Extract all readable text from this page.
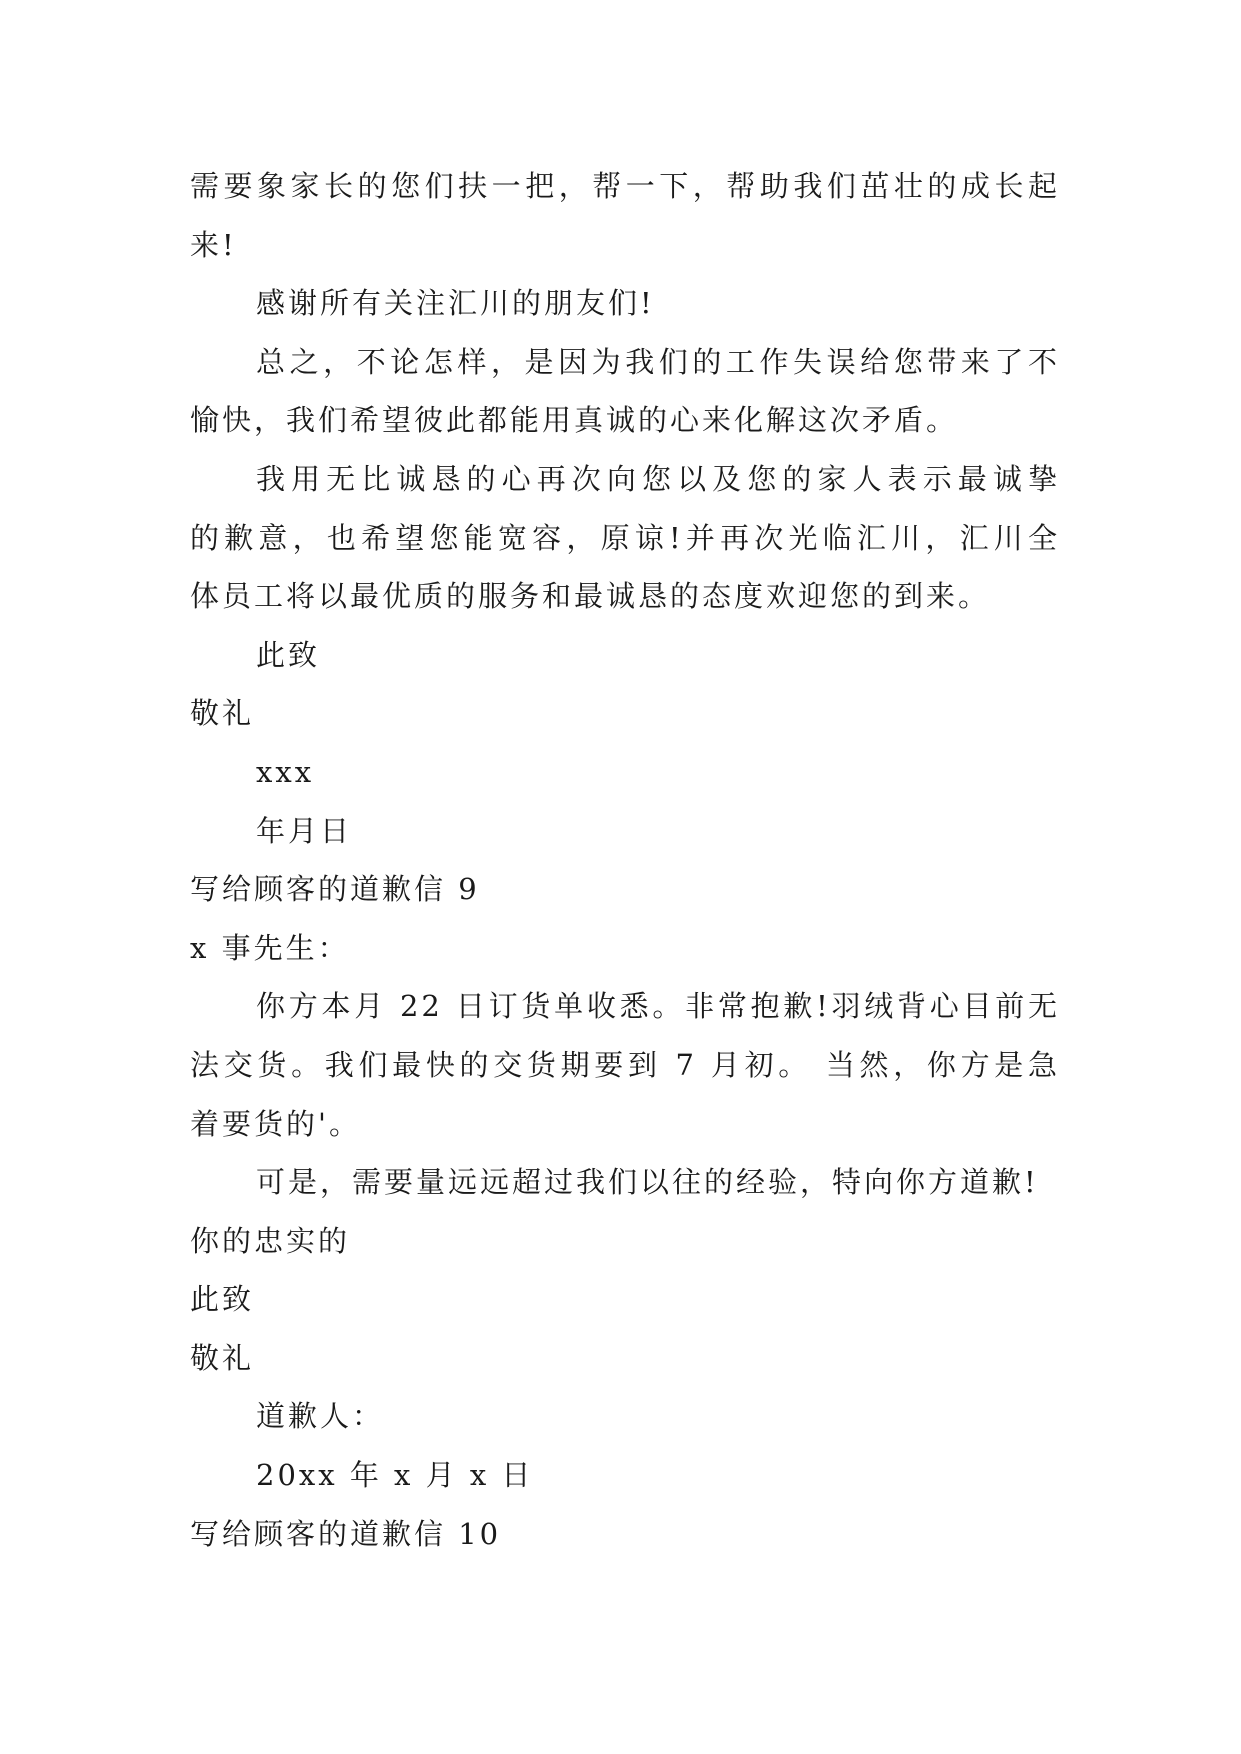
需要象家长的您们扶一把，帮一下，帮助我们茁壮的成长起
来!
感谢所有关注汇川的朋友们!
总之，不论怎样，是因为我们的工作失误给您带来了不
愉快，我们希望彼此都能用真诚的心来化解这次矛盾。
我用无比诚恳的心再次向您以及您的家人表示最诚挚
的歉意，也希望您能宽容，原谅!并再次光临汇川，汇川全
体员工将以最优质的服务和最诚恳的态度欢迎您的到来。
此致
敬礼
xxx
年月日
写给顾客的道歉信 9
x 事先生：
你方本月 22 日订货单收悉。非常抱歉!羽绒背心目前无
法交货。我们最快的交货期要到 7 月初。 当然，你方是急
着要货的'。
可是，需要量远远超过我们以往的经验，特向你方道歉!
你的忠实的
此致
敬礼
道歉人：
20xx 年 x 月 x 日
写给顾客的道歉信 10
